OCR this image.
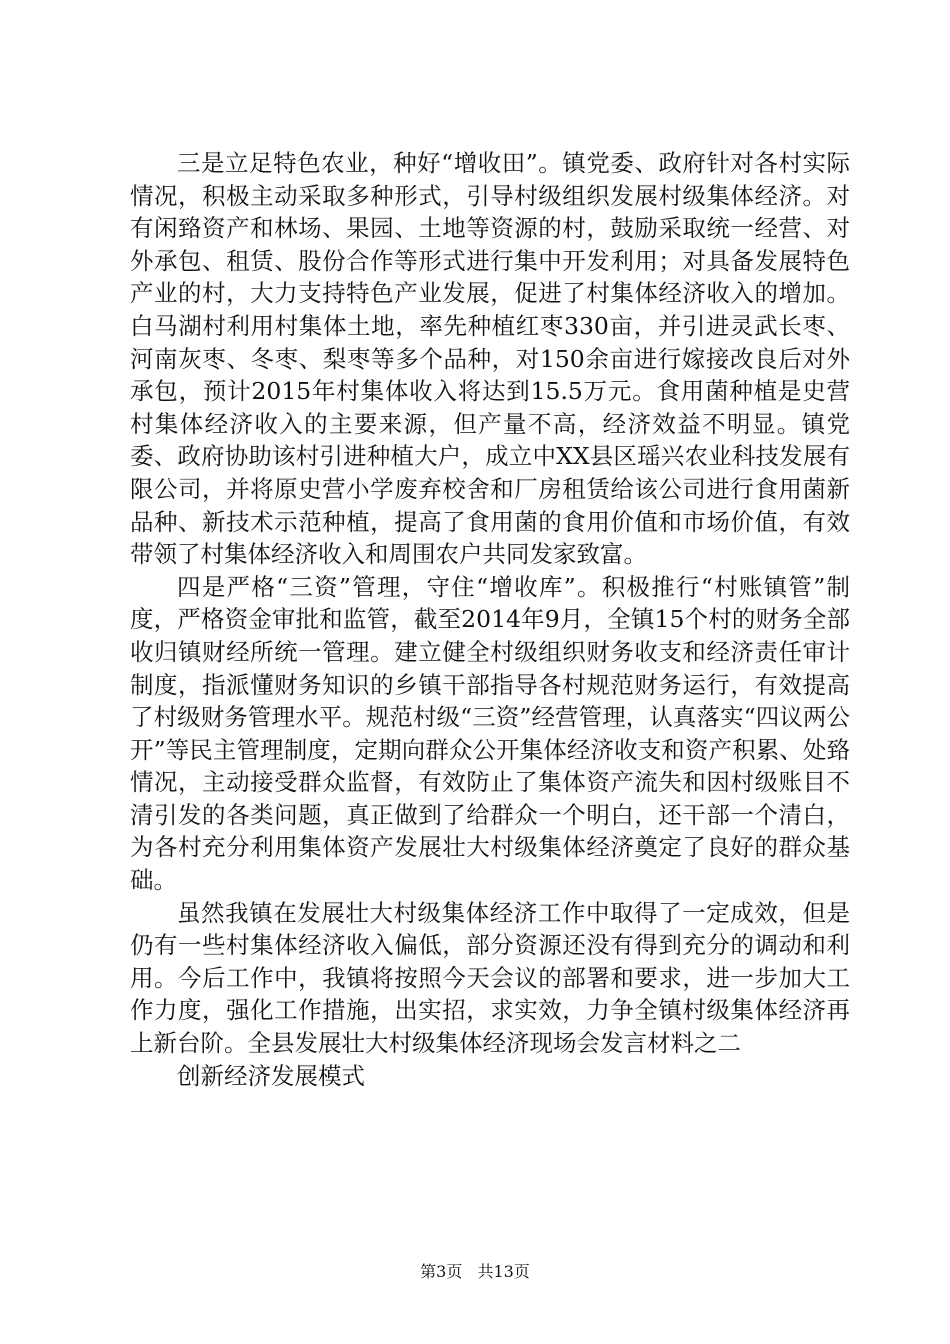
三是立足特色农业，种好“增收田”。镇党委、政府针对各村实际情况，积极主动采取多种形式，引导村级组织发展村级集体经济。对有闲臵资产和林场、果园、土地等资源的村，鼓励采取统一经营、对外承包、租赁、股份合作等形式进行集中开发利用；对具备发展特色产业的村，大力支持特色产业发展，促进了村集体经济收入的增加。白马湖村利用村集体土地，率先种植红枣330亩，并引进灵武长枣、河南灰枣、冬枣、梨枣等多个品种，对150余亩进行嫁接改良后对外承包，预计2015年村集体收入将达到15.5万元。食用菌种植是史营村集体经济收入的主要来源，但产量不高，经济效益不明显。镇党委、政府协助该村引进种植大户，成立中XX县区瑶兴农业科技发展有限公司，并将原史营小学废弃校舍和厂房租赁给该公司进行食用菌新品种、新技术示范种植，提高了食用菌的食用价值和市场价值，有效带领了村集体经济收入和周围农户共同发家致富。

四是严格“三资”管理，守住“增收库”。积极推行“村账镇管”制度，严格资金审批和监管，截至2014年9月，全镇15个村的财务全部收归镇财经所统一管理。建立健全村级组织财务收支和经济责任审计制度，指派懂财务知识的乡镇干部指导各村规范财务运行，有效提高了村级财务管理水平。规范村级“三资”经营管理，认真落实“四议两公开”等民主管理制度，定期向群众公开集体经济收支和资产积累、处臵情况，主动接受群众监督，有效防止了集体资产流失和因村级账目不清引发的各类问题，真正做到了给群众一个明白，还干部一个清白，为各村充分利用集体资产发展壮大村级集体经济奠定了良好的群众基础。

虽然我镇在发展壮大村级集体经济工作中取得了一定成效，但是仍有一些村集体经济收入偏低，部分资源还没有得到充分的调动和利用。今后工作中，我镇将按照今天会议的部署和要求，进一步加大工作力度，强化工作措施，出实招，求实效，力争全镇村级集体经济再上新台阶。全县发展壮大村级集体经济现场会发言材料之二

创新经济发展模式

第3页 共13页
